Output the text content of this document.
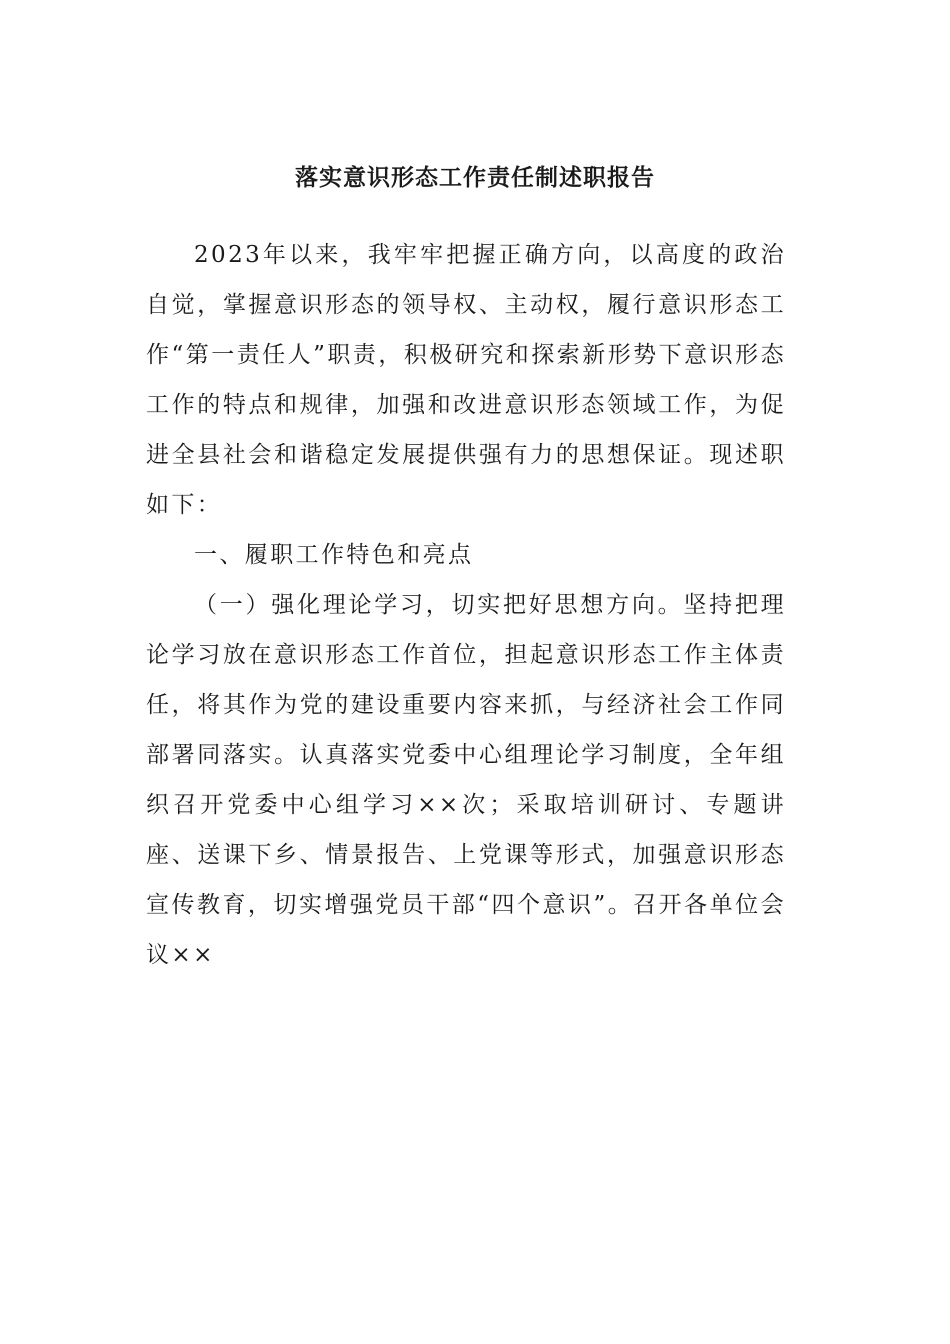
落实意识形态工作责任制述职报告

2023年以来，我牢牢把握正确方向，以高度的政治自觉，掌握意识形态的领导权、主动权，履行意识形态工作“第一责任人”职责，积极研究和探索新形势下意识形态工作的特点和规律，加强和改进意识形态领域工作，为促进全县社会和谐稳定发展提供强有力的思想保证。现述职如下：

一、履职工作特色和亮点

（一）强化理论学习，切实把好思想方向。坚持把理论学习放在意识形态工作首位，担起意识形态工作主体责任，将其作为党的建设重要内容来抓，与经济社会工作同部署同落实。认真落实党委中心组理论学习制度，全年组织召开党委中心组学习××次；采取培训研讨、专题讲座、送课下乡、情景报告、上党课等形式，加强意识形态宣传教育，切实增强党员干部“四个意识”。召开各单位会议××
